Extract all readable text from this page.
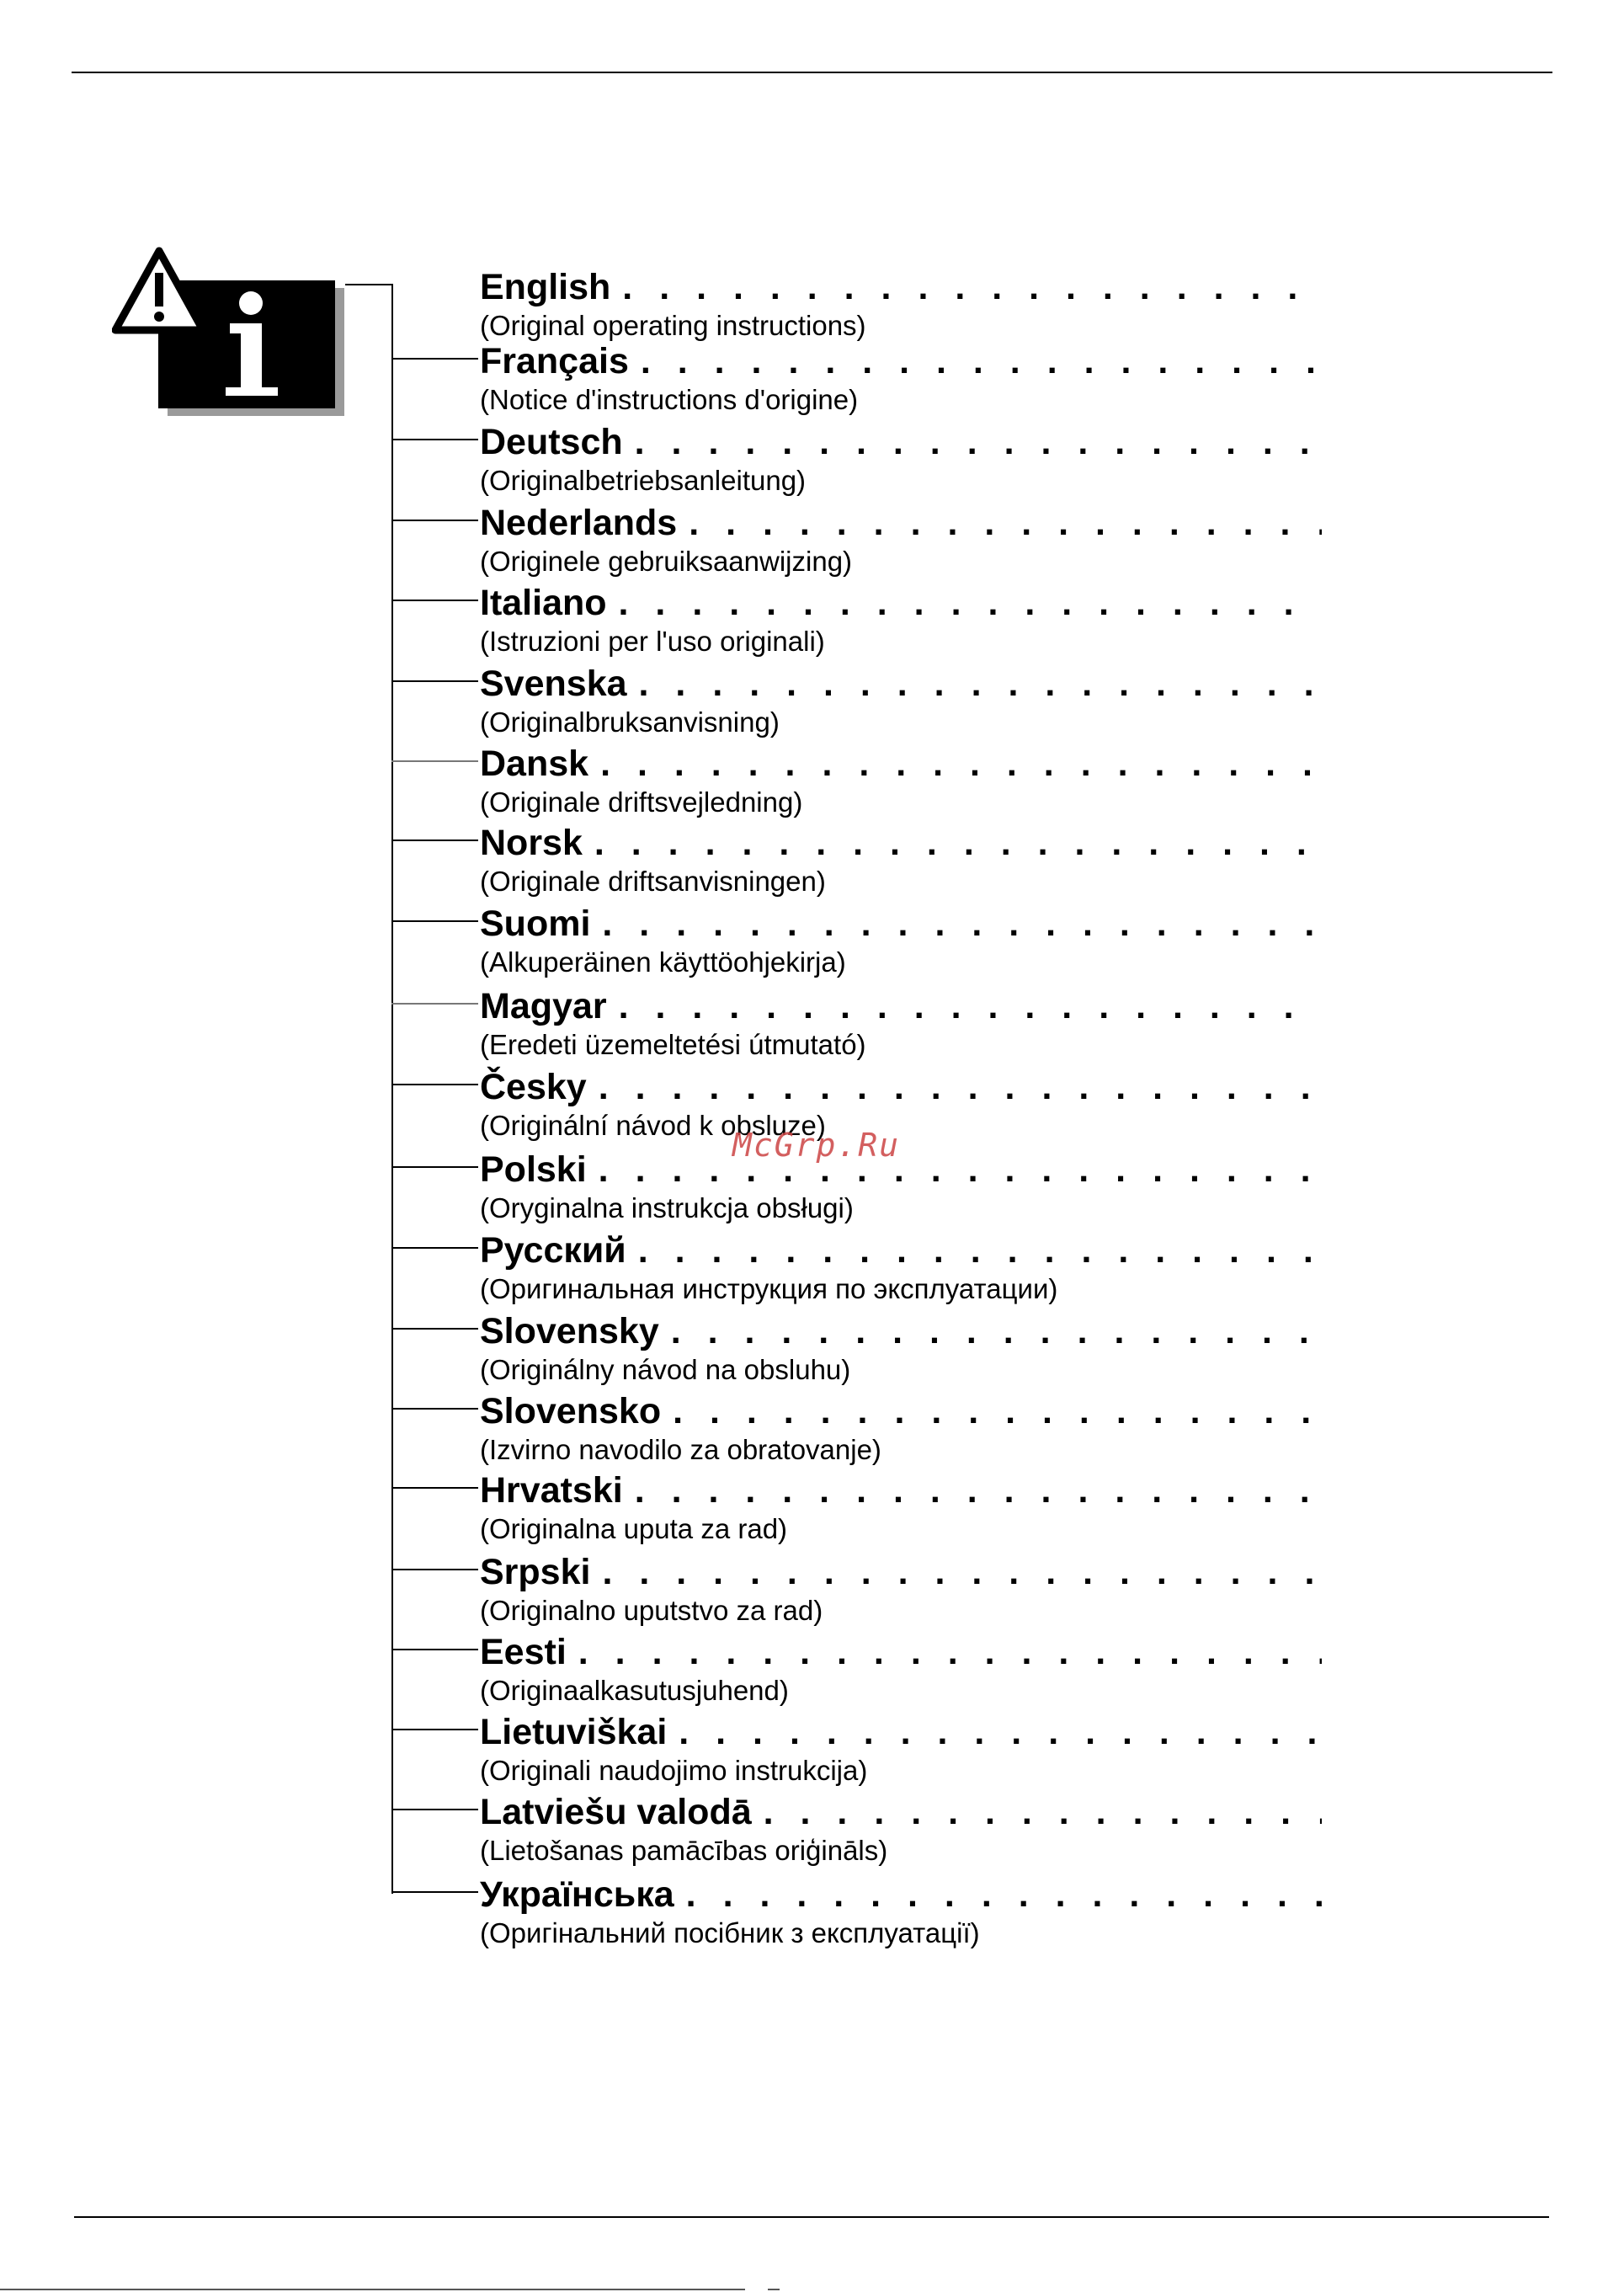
English
. . .
(Original operating instructions)
Français
. . .
(Notice d'instructions d'origine)
Deutsch
. . .
(Originalbetriebsanleitung)
Nederlands
. . .
(Originele gebruiksaanwijzing)
Italiano
. . .
(Istruzioni per l'uso originali)
Svenska
. . .
(Originalbruksanvisning)
Dansk
. . .
(Originale driftsvejledning)
Norsk
. . .
(Originale driftsanvisningen)
Suomi
. . .
(Alkuperäinen käyttöohjekirja)
Magyar
. . .
(Eredeti üzemeltetési útmutató)
Česky
. . .
(Originální návod k obsluze)
Polski
. . .
(Oryginalna instrukcja obsługi)
Русский
. . .
(Оригинальная инструкция по эксплуатации)
Slovensky
. . .
(Originálny návod na obsluhu)
Slovensko
. . .
(Izvirno navodilo za obratovanje)
Hrvatski
. . .
(Originalna uputa za rad)
Srpski
. . .
(Originalno uputstvo za rad)
Eesti
. . .
(Originaalkasutusjuhend)
Lietuviškai
. . .
(Originali naudojimo instrukcija)
Latviešu valodā
. . .
(Lietošanas pamācības oriģināls)
Українська
. . .
(Оригінальний посібник з експлуатації)
McGrp.Ru
